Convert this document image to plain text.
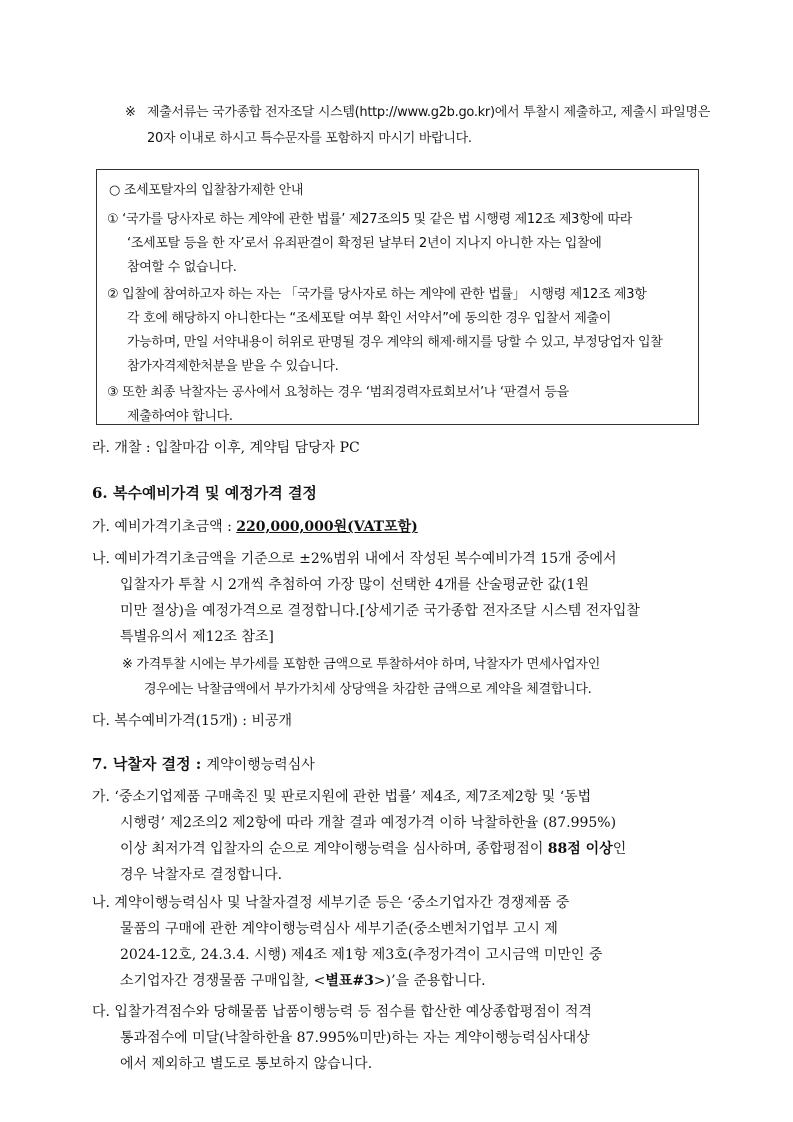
※ 제출서류는 국가종합 전자조달 시스템(http://www.g2b.go.kr)에서 투찰시 제출하고, 제출시 파일명은
20자 이내로 하시고 특수문자를 포함하지 마시기 바랍니다.
○ 조세포탈자의 입찰참가제한 안내
① ‘국가를 당사자로 하는 계약에 관한 법률’ 제27조의5 및 같은 법 시행령 제12조 제3항에 따라
‘조세포탈 등을 한 자’로서 유죄판결이 확정된 날부터 2년이 지나지 아니한 자는 입찰에
참여할 수 없습니다.
② 입찰에 참여하고자 하는 자는 「국가를 당사자로 하는 계약에 관한 법률」 시행령 제12조 제3항
각 호에 해당하지 아니한다는 “조세포탈 여부 확인 서약서”에 동의한 경우 입찰서 제출이
가능하며, 만일 서약내용이 허위로 판명될 경우 계약의 해제·해지를 당할 수 있고, 부정당업자 입찰
참가자격제한처분을 받을 수 있습니다.
③ 또한 최종 낙찰자는 공사에서 요청하는 경우 ‘범죄경력자료회보서’나 ‘판결서 등을
제출하여야 합니다.
라. 개찰 : 입찰마감 이후, 계약팀 담당자 PC
6. 복수예비가격 및 예정가격 결정
가. 예비가격기초금액 : 220,000,000원(VAT포함)
나. 예비가격기초금액을 기준으로 ±2%범위 내에서 작성된 복수예비가격 15개 중에서
입찰자가 투찰 시 2개씩 추첨하여 가장 많이 선택한 4개를 산술평균한 값(1원
미만 절상)을 예정가격으로 결정합니다.[상세기준 국가종합 전자조달 시스템 전자입찰
특별유의서 제12조 참조]
※ 가격투찰 시에는 부가세를 포함한 금액으로 투찰하셔야 하며, 낙찰자가 면세사업자인
경우에는 낙찰금액에서 부가가치세 상당액을 차감한 금액으로 계약을 체결합니다.
다. 복수예비가격(15개) : 비공개
7. 낙찰자 결정 : 계약이행능력심사
가. ‘중소기업제품 구매촉진 및 판로지원에 관한 법률’ 제4조, 제7조제2항 및 ‘동법
시행령’ 제2조의2 제2항에 따라 개찰 결과 예정가격 이하 낙찰하한율 (87.995%)
이상 최저가격 입찰자의 순으로 계약이행능력을 심사하며, 종합평점이 88점 이상인
경우 낙찰자로 결정합니다.
나. 계약이행능력심사 및 낙찰자결정 세부기준 등은 ‘중소기업자간 경쟁제품 중
물품의 구매에 관한 계약이행능력심사 세부기준(중소벤처기업부 고시 제
2024-12호, 24.3.4. 시행) 제4조 제1항 제3호(추정가격이 고시금액 미만인 중
소기업자간 경쟁물품 구매입찰, <별표#3>)’을 준용합니다.
다. 입찰가격점수와 당해물품 납품이행능력 등 점수를 합산한 예상종합평점이 적격
통과점수에 미달(낙찰하한율 87.995%미만)하는 자는 계약이행능력심사대상
에서 제외하고 별도로 통보하지 않습니다.
